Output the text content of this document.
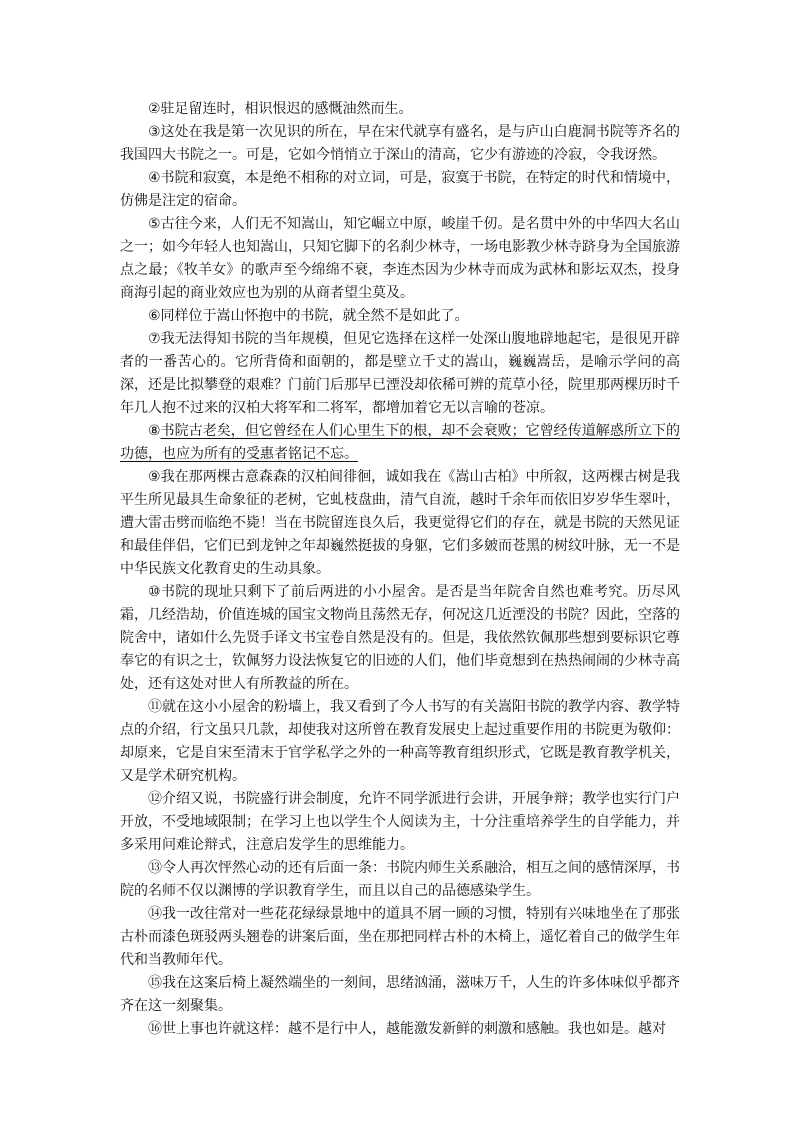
②驻足留连时，相识恨迟的感慨油然而生。

③这处在我是第一次见识的所在，早在宋代就享有盛名，是与庐山白鹿洞书院等齐名的我国四大书院之一。可是，它如今悄悄立于深山的清高，它少有游迹的冷寂，令我讶然。

④书院和寂寞，本是绝不相称的对立词，可是，寂寞于书院，在特定的时代和情境中，仿佛是注定的宿命。

⑤古往今来，人们无不知嵩山，知它崛立中原，峻崖千仞。是名贯中外的中华四大名山之一；如今年轻人也知嵩山，只知它脚下的名刹少林寺，一场电影教少林寺跻身为全国旅游点之最；《牧羊女》的歌声至今绵绵不衰，李连杰因为少林寺而成为武林和影坛双杰，投身商海引起的商业效应也为别的从商者望尘莫及。

⑥同样位于嵩山怀抱中的书院，就全然不是如此了。

⑦我无法得知书院的当年规模，但见它选择在这样一处深山腹地辟地起宅，是很见开辟者的一番苦心的。它所背倚和面朝的，都是壁立千丈的嵩山，巍巍嵩岳，是喻示学问的高深，还是比拟攀登的艰难？门前门后那早已湮没却依稀可辨的荒草小径，院里那两棵历时千年几人抱不过来的汉柏大将军和二将军，都增加着它无以言喻的苍凉。

⑧书院古老矣，但它曾经在人们心里生下的根，却不会衰败；它曾经传道解惑所立下的功德，也应为所有的受惠者铭记不忘。

⑨我在那两棵古意森森的汉柏间徘徊，诚如我在《嵩山古柏》中所叙，这两棵古树是我平生所见最具生命象征的老树，它虬枝盘曲，清气自流，越时千余年而依旧岁岁华生翠叶，遭大雷击劈而临绝不毙！当在书院留连良久后，我更觉得它们的存在，就是书院的天然见证和最佳伴侣，它们已到龙钟之年却巍然挺拔的身躯，它们多皴而苍黑的树纹叶脉，无一不是中华民族文化教育史的生动具象。

⑩书院的现址只剩下了前后两进的小小屋舍。是否是当年院舍自然也难考究。历尽风霜，几经浩劫，价值连城的国宝文物尚且荡然无存，何况这几近湮没的书院？因此，空落的院舍中，诸如什么先贤手译文书宝卷自然是没有的。但是，我依然钦佩那些想到要标识它尊奉它的有识之士，钦佩努力设法恢复它的旧迹的人们，他们毕竟想到在热热闹闹的少林寺高处，还有这处对世人有所教益的所在。

⑪就在这小小屋舍的粉墙上，我又看到了今人书写的有关嵩阳书院的教学内容、教学特点的介绍，行文虽只几款，却使我对这所曾在教育发展史上起过重要作用的书院更为敬仰：却原来，它是自宋至清末于官学私学之外的一种高等教育组织形式，它既是教育教学机关，又是学术研究机构。

⑫介绍又说，书院盛行讲会制度，允许不同学派进行会讲，开展争辩；教学也实行门户开放，不受地域限制；在学习上也以学生个人阅读为主，十分注重培养学生的自学能力，并多采用问难论辩式，注意启发学生的思维能力。

⑬令人再次怦然心动的还有后面一条：书院内师生关系融洽，相互之间的感情深厚，书院的名师不仅以渊博的学识教育学生，而且以自己的品德感染学生。

⑭我一改往常对一些花花绿绿景地中的道具不屑一顾的习惯，特别有兴味地坐在了那张古朴而漆色斑驳两头翘卷的讲案后面，坐在那把同样古朴的木椅上，遥忆着自己的做学生年代和当教师年代。

⑮我在这案后椅上凝然端坐的一刻间，思绪汹涌，滋味万千，人生的许多体味似乎都齐齐在这一刻聚集。

⑯世上事也许就这样：越不是行中人，越能激发新鲜的刺激和感触。我也如是。越对
